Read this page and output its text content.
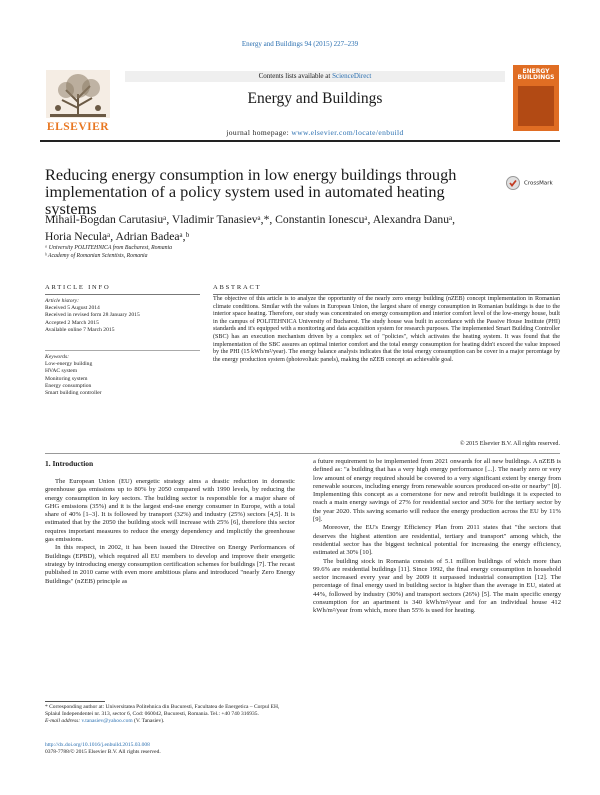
Energy and Buildings 94 (2015) 227–239
Contents lists available at ScienceDirect
Energy and Buildings
journal homepage: www.elsevier.com/locate/enbuild
ELSEVIER
ENERGY BUILDINGS
Reducing energy consumption in low energy buildings through implementation of a policy system used in automated heating systems
CrossMark
Mihail-Bogdan Carutasiuᵃ, Vladimir Tanasievᵃ,*, Constantin Ionescuᵃ, Alexandra Danuᵃ,
Horia Neculaᵃ, Adrian Badeaᵃ,ᵇ
ᵃ University POLITEHNICA from Bucharest, Romania
ᵇ Academy of Romanian Scientists, Romania
ARTICLE INFO
Article history:
Received 5 August 2014
Received in revised form 28 January 2015
Accepted 2 March 2015
Available online 7 March 2015
Keywords:
Low-energy building
HVAC system
Monitoring system
Energy consumption
Smart building controller
ABSTRACT
The objective of this article is to analyze the opportunity of the nearly zero energy building (nZEB) concept implementation in Romanian climate conditions. Similar with the values in European Union, the largest share of energy consumption in Romanian buildings is due to the interior space heating. Therefore, our study was concentrated on energy consumption and interior comfort level of the low-energy house, built in the campus of POLITEHNICA University of Bucharest. The study house was built in accordance with the Passive House Institute (PHI) standards and it's equipped with a monitoring and data acquisition system for research purposes. The implemented Smart Building Controller (SBC) has an execution mechanism driven by a complex set of "policies", which activates the heating system. It was found that the implementation of the SBC assures an optimal interior comfort and the total energy consumption for heating didn't exceed the value imposed by the PHI (15 kWh/m²/year). The energy balance analysis indicates that the total energy consumption can be cover in a major percentage by the energy production system (photovoltaic panels), making the nZEB concept an achievable goal.
© 2015 Elsevier B.V. All rights reserved.
1. Introduction

The European Union (EU) energetic strategy aims a drastic reduction in domestic greenhouse gas emissions up to 80% by 2050 compared with 1990 levels, by reducing the energy consumption in key sectors. The building sector is responsible for a major share of GHG emissions (35%) and it is the largest end-use energy consumer in Europe, with a total share of 40% [1–3]. It is followed by transport (32%) and industry (25%) sectors [4,5]. It is estimated that by the 2050 the building stock will increase with 25% [6], therefore this sector requires important measures to reduce the energy dependency and implicitly the greenhouse gas emissions.

In this respect, in 2002, it has been issued the Directive on Energy Performances of Buildings (EPBD), which required all EU members to develop and improve their energetic strategy by introducing energy consumption certification schemes for buildings [7]. The recast published in 2010 came with even more ambitious plans and introduced "nearly Zero Energy Buildings" (nZEB) principle as

a future requirement to be implemented from 2021 onwards for all new buildings. A nZEB is defined as: "a building that has a very high energy performance [...]. The nearly zero or very low amount of energy required should be covered to a very significant extent by energy from renewable sources, including energy from renewable sources produced on-site or nearby" [8]. Implementing this concept as a cornerstone for new and retrofit buildings it is expected to reach a main energy savings of 27% for residential sector and 30% for the tertiary sector by the year 2020. This saving scenario will reduce the energy production across the EU by 11% [9].

Moreover, the EU's Energy Efficiency Plan from 2011 states that "the sectors that deserves the highest attention are residential, tertiary and transport" among which, the residential sector has the biggest technical potential for increasing the energy efficiency, estimated at 30% [10].

The building stock in Romania consists of 5.1 million buildings of which more than 99.6% are residential buildings [11]. Since 1992, the final energy consumption in household sector increased every year and by 2009 it surpassed industrial consumption [12]. The percentage of final energy used in building sector is higher than the average in EU, stated at 44%, followed by industry (30%) and transport sectors (26%) [5]. The main specific energy consumption for an apartment is 340 kWh/m²/year and for an individual house 412 kWh/m²/year from which, more than 55% is used for heating.

* Corresponding author at: Universitatea Politehnica din Bucuresti, Facultatea de Energetica – Corpul EH, Splaiul Independentei nr. 313, sector 6, Cod: 060042, Bucuresti, Romania. Tel.: +40 740 316935.
E-mail address: v.tanasiev@yahoo.com (V. Tanasiev).
http://dx.doi.org/10.1016/j.enbuild.2015.03.008
0378-7788/© 2015 Elsevier B.V. All rights reserved.
